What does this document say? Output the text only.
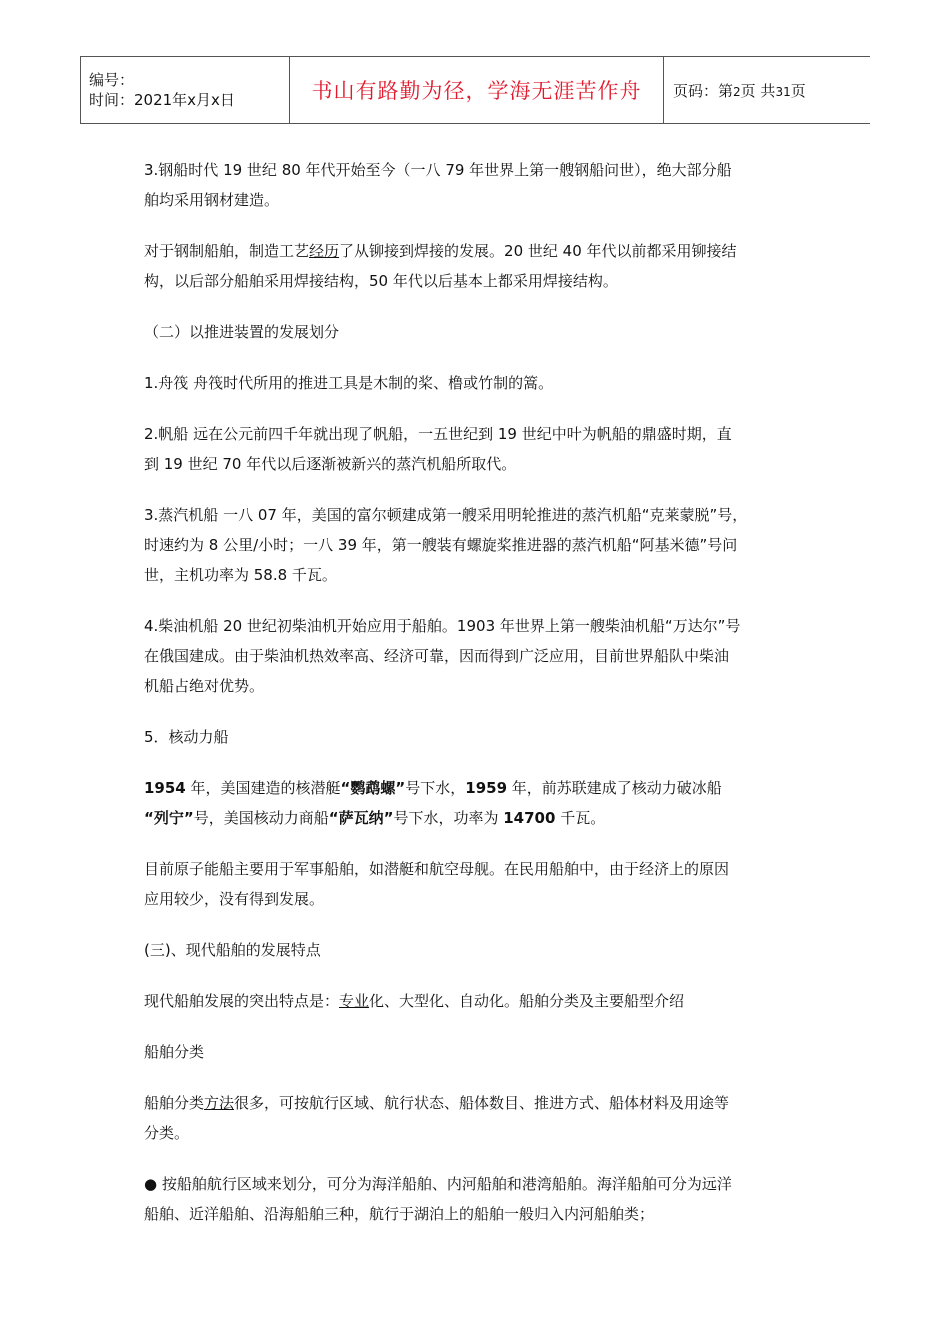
编号：
时间：2021年x月x日	书山有路勤为径，学海无涯苦作舟	页码：第2页 共31页

3.钢船时代 19 世纪 80 年代开始至今（一八 79 年世界上第一艘钢船问世），绝大部分船
舶均采用钢材建造。

对于钢制船舶，制造工艺经历了从铆接到焊接的发展。20 世纪 40 年代以前都采用铆接结
构，以后部分船舶采用焊接结构，50 年代以后基本上都采用焊接结构。

（二）以推进装置的发展划分

1.舟筏 舟筏时代所用的推进工具是木制的桨、橹或竹制的篙。

2.帆船 远在公元前四千年就出现了帆船，一五世纪到 19 世纪中叶为帆船的鼎盛时期，直
到 19 世纪 70 年代以后逐渐被新兴的蒸汽机船所取代。

3.蒸汽机船 一八 07 年，美国的富尔顿建成第一艘采用明轮推进的蒸汽机船“克莱蒙脱”号，
时速约为 8 公里/小时；一八 39 年，第一艘装有螺旋桨推进器的蒸汽机船“阿基米德”号问
世，主机功率为 58.8 千瓦。

4.柴油机船 20 世纪初柴油机开始应用于船舶。1903 年世界上第一艘柴油机船“万达尔”号
在俄国建成。由于柴油机热效率高、经济可靠，因而得到广泛应用，目前世界船队中柴油
机船占绝对优势。

5．核动力船

1954 年，美国建造的核潜艇“鹦鹉螺”号下水，1959 年，前苏联建成了核动力破冰船
“列宁”号，美国核动力商船“萨瓦纳”号下水，功率为 14700 千瓦。

目前原子能船主要用于军事船舶，如潜艇和航空母舰。在民用船舶中，由于经济上的原因
应用较少，没有得到发展。

(三)、现代船舶的发展特点

现代船舶发展的突出特点是：专业化、大型化、自动化。船舶分类及主要船型介绍

船舶分类

船舶分类方法很多，可按航行区域、航行状态、船体数目、推进方式、船体材料及用途等
分类。

● 按船舶航行区域来划分，可分为海洋船舶、内河船舶和港湾船舶。海洋船舶可分为远洋
船舶、近洋船舶、沿海船舶三种，航行于湖泊上的船舶一般归入内河船舶类；
